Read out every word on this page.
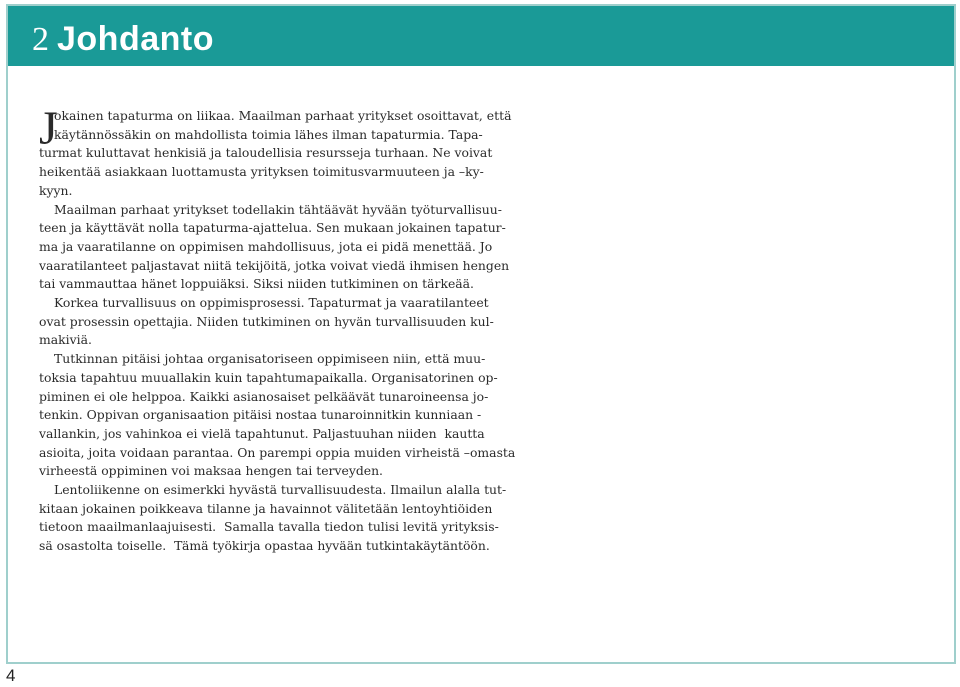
2 Johdanto
J
okainen tapaturma on liikaa. Maailman parhaat yritykset osoittavat, että
käytännössäkin on mahdollista toimia lähes ilman tapaturmia. Tapa-
turmat kuluttavat henkisiä ja taloudellisia resursseja turhaan. Ne voivat
heikentää asiakkaan luottamusta yrityksen toimitusvarmuuteen ja –ky-
kyyn.
Maailman parhaat yritykset todellakin tähtäävät hyvään työturvallisuu-
teen ja käyttävät nolla tapaturma-ajattelua. Sen mukaan jokainen tapatur-
ma ja vaaratilanne on oppimisen mahdollisuus, jota ei pidä menettää. Jo
vaaratilanteet paljastavat niitä tekijöitä, jotka voivat viedä ihmisen hengen
tai vammauttaa hänet loppuiäksi. Siksi niiden tutkiminen on tärkeää.
Korkea turvallisuus on oppimisprosessi. Tapaturmat ja vaaratilanteet
ovat prosessin opettajia. Niiden tutkiminen on hyvän turvallisuuden kul-
makiviä.
Tutkinnan pitäisi johtaa organisatoriseen oppimiseen niin, että muu-
toksia tapahtuu muuallakin kuin tapahtumapaikalla. Organisatorinen op-
piminen ei ole helppoa. Kaikki asianosaiset pelkäävät tunaroineensa jo-
tenkin. Oppivan organisaation pitäisi nostaa tunaroinnitkin kunniaan -
vallankin, jos vahinkoa ei vielä tapahtunut. Paljastuuhan niiden  kautta
asioita, joita voidaan parantaa. On parempi oppia muiden virheistä –omasta
virheestä oppiminen voi maksaa hengen tai terveyden.
Lentoliikenne on esimerkki hyvästä turvallisuudesta. Ilmailun alalla tut-
kitaan jokainen poikkeava tilanne ja havainnot välitetään lentoyhtiöiden
tietoon maailmanlaajuisesti.  Samalla tavalla tiedon tulisi levitä yrityksis-
sä osastolta toiselle.  Tämä työkirja opastaa hyvään tutkintakäytäntöön.
4
